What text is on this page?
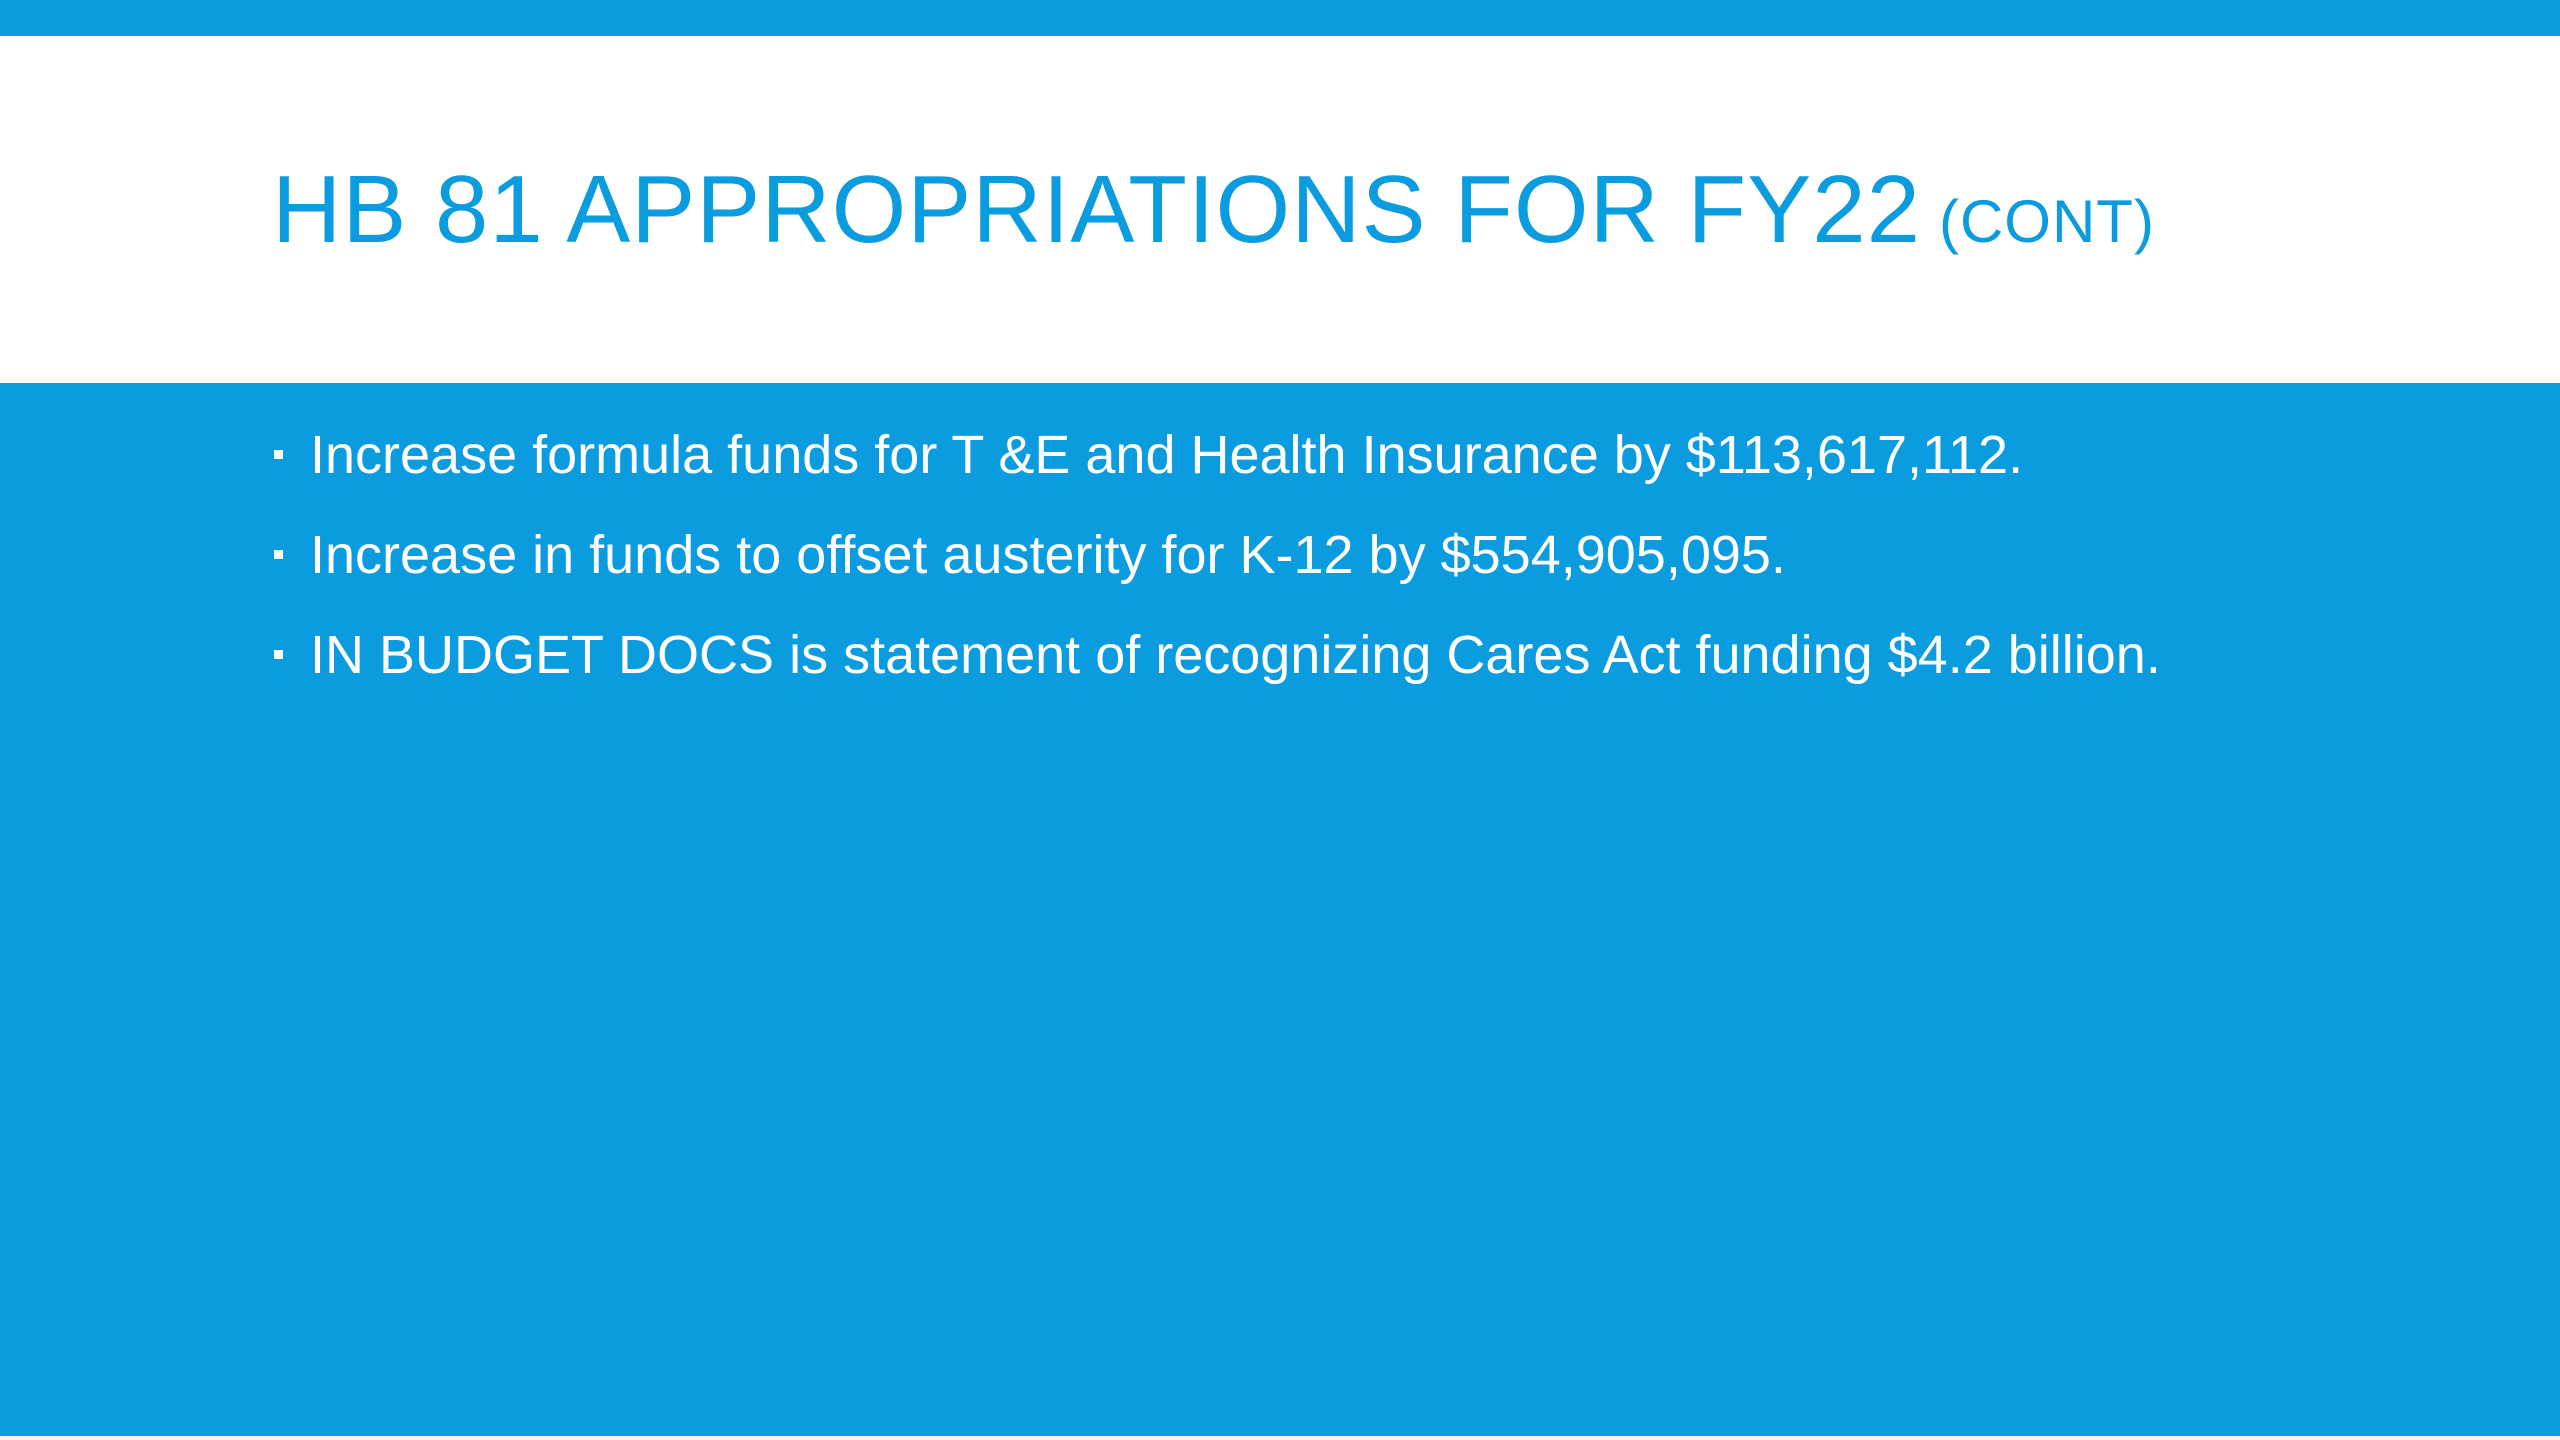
HB 81 APPROPRIATIONS FOR FY22 (CONT)
Increase formula funds for T &E and Health Insurance by $113,617,112.
Increase in funds to offset austerity for K-12 by $554,905,095.
IN BUDGET DOCS is statement of recognizing Cares Act funding $4.2 billion.
